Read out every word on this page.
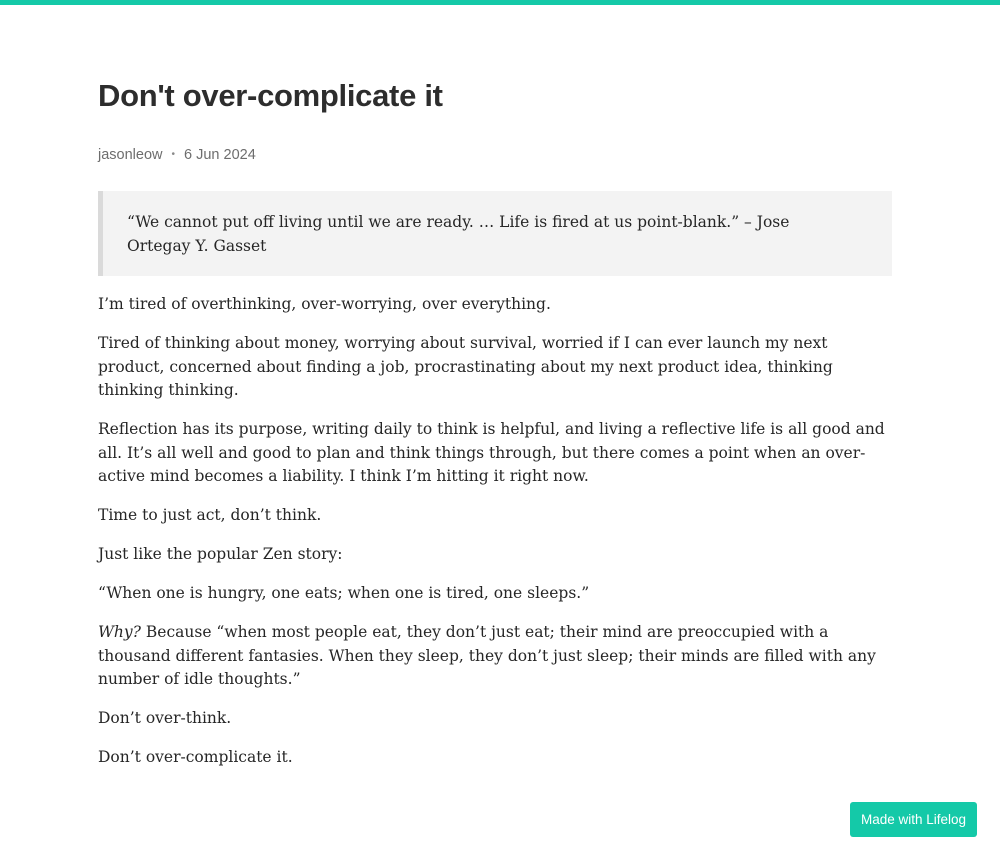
Don't over-complicate it
jasonleow • 6 Jun 2024
“We cannot put off living until we are ready. … Life is fired at us point-blank.” – Jose Ortegay Y. Gasset

I’m tired of overthinking, over-worrying, over everything.

Tired of thinking about money, worrying about survival, worried if I can ever launch my next product, concerned about finding a job, procrastinating about my next product idea, thinking thinking thinking.

Reflection has its purpose, writing daily to think is helpful, and living a reflective life is all good and all. It’s all well and good to plan and think things through, but there comes a point when an over-active mind becomes a liability. I think I’m hitting it right now.

Time to just act, don’t think.

Just like the popular Zen story:

“When one is hungry, one eats; when one is tired, one sleeps.”

Why? Because “when most people eat, they don’t just eat; their mind are preoccupied with a thousand different fantasies. When they sleep, they don’t just sleep; their minds are filled with any number of idle thoughts.”

Don’t over-think.

Don’t over-complicate it.

Made with Lifelog
